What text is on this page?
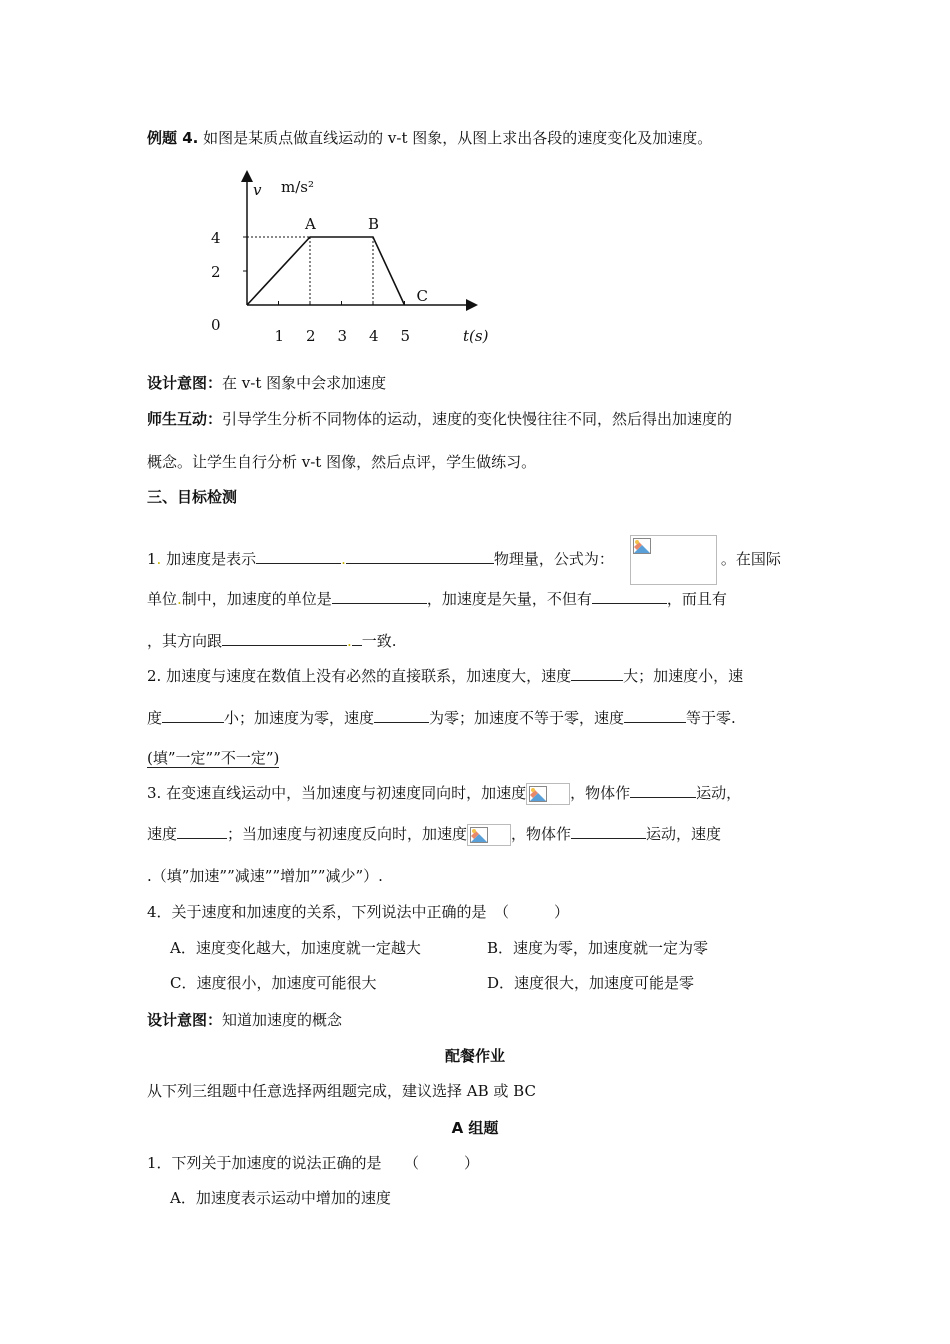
例题 4. 如图是某质点做直线运动的 v-t 图象，从图上求出各段的速度变化及加速度。
A	B
C
0
2
4
1 2 3 4 5
v m/s²
t(s)
设计意图：在 v-t 图象中会求加速度
师生互动：引导学生分析不同物体的运动，速度的变化快慢往往不同，然后得出加速度的
概念。让学生自行分析 v-t 图像，然后点评，学生做练习。
三、目标检测
1. 加速度是表示	.	物理量，公式为：	。在国际
单位.制中，加速度的单位是	，加速度是矢量，不但有	，而且有
，其方向跟	. 一致.
2. 加速度与速度在数值上没有必然的直接联系，加速度大，速度	大；加速度小，速
度	小；加速度为零，速度	为零；加速度不等于零，速度	等于零.
(填”一定””不一定”)
3. 在变速直线运动中，当加速度与初速度同向时，加速度	，物体作	运动，
速度	；当加速度与初速度反向时，加速度	，物体作	运动，速度
.（填”加速””减速””增加””减少”）.
4．关于速度和加速度的关系，下列说法中正确的是　（　　　）
A．速度变化越大，加速度就一定越大	B．速度为零，加速度就一定为零
C．速度很小，加速度可能很大	D．速度很大，加速度可能是零
设计意图：知道加速度的概念
配餐作业
从下列三组题中任意选择两组题完成，建议选择 AB 或 BC
A 组题
1．下列关于加速度的说法正确的是　　（　　　）
A．加速度表示运动中增加的速度
